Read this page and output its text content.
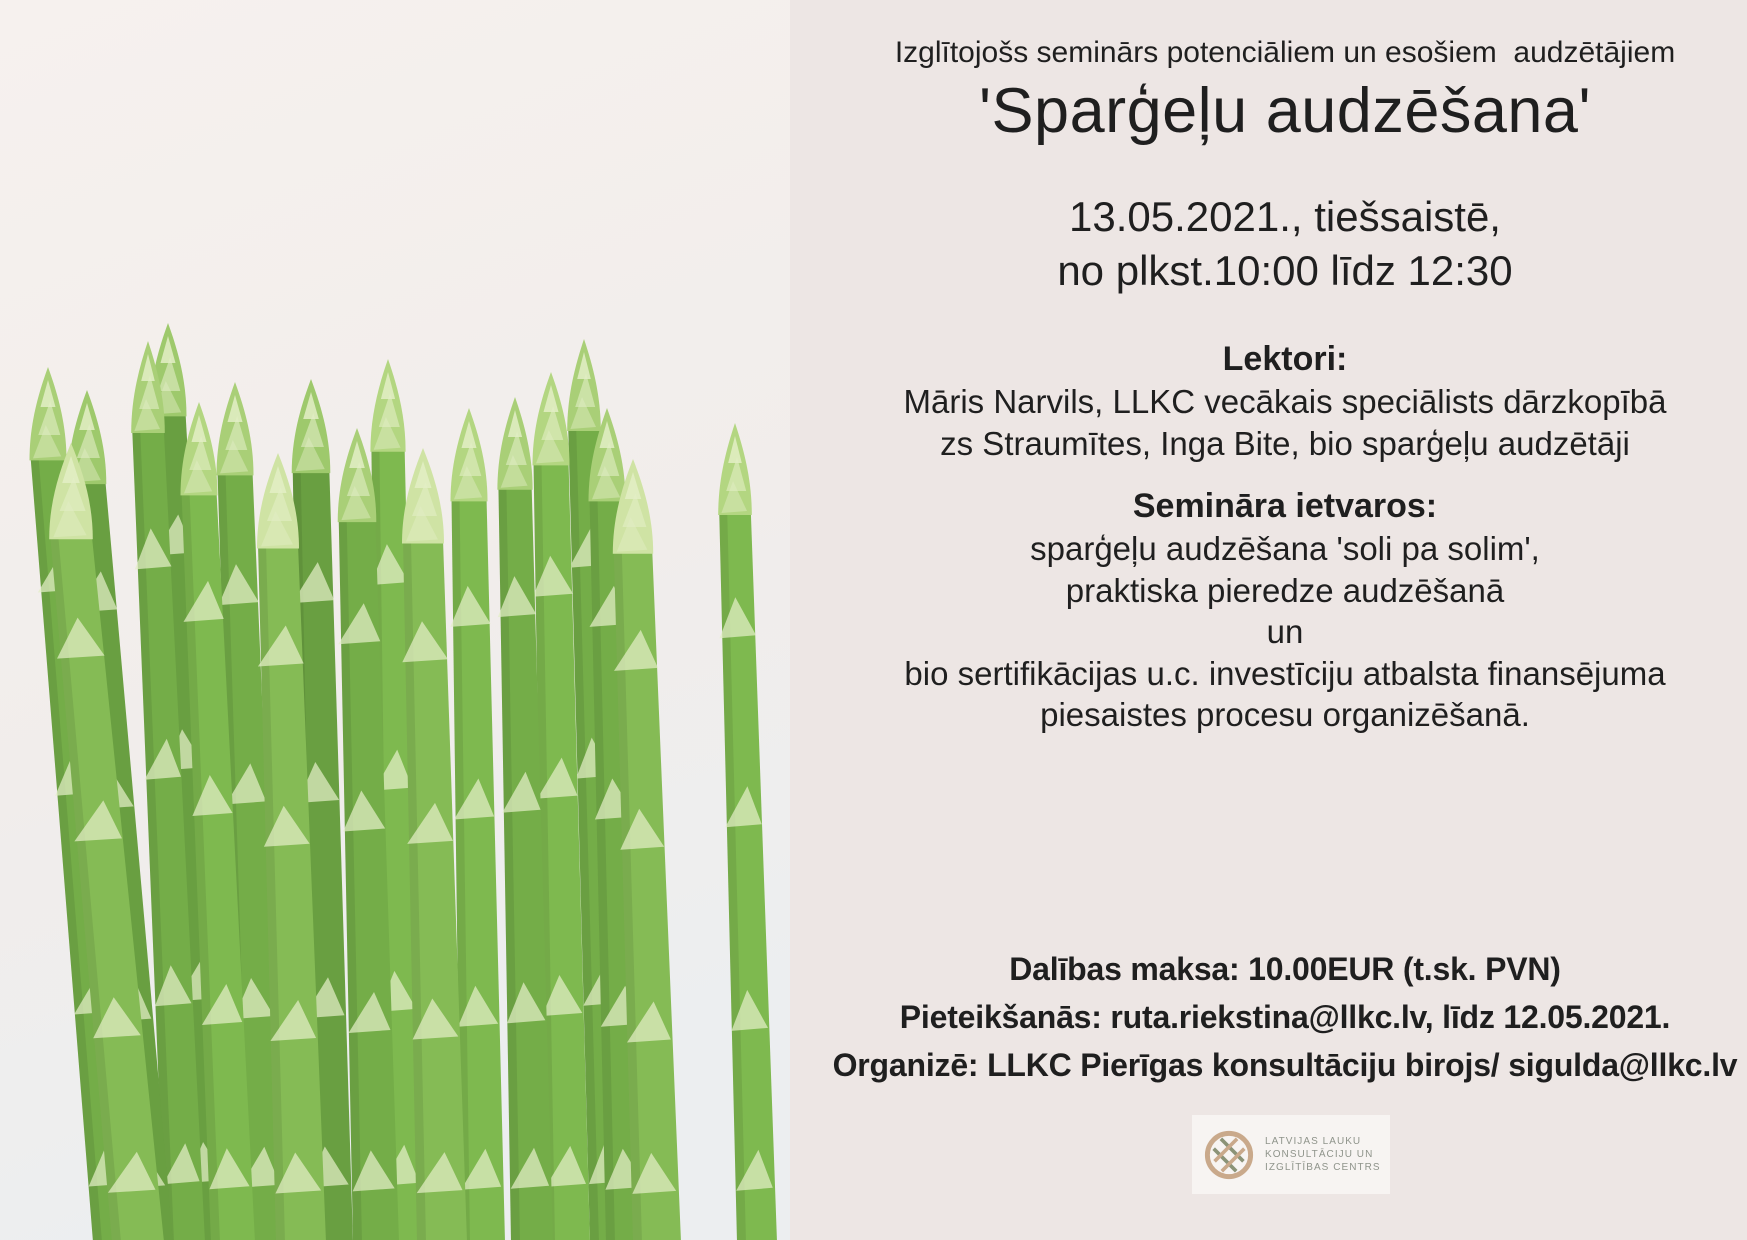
Izglītojošs seminārs potenciāliem un esošiem  audzētājiem
'Sparģeļu audzēšana'
13.05.2021., tiešsaistē,
no plkst.10:00 līdz 12:30
Lektori:
Māris Narvils, LLKC vecākais speciālists dārzkopībā
zs Straumītes, Inga Bite, bio sparģeļu audzētāji
Semināra ietvaros:
sparģeļu audzēšana 'soli pa solim',
praktiska pieredze audzēšanā
un
bio sertifikācijas u.c. investīciju atbalsta finansējuma
piesaistes procesu organizēšanā.
Dalības maksa: 10.00EUR (t.sk. PVN)
Pieteikšanās: ruta.riekstina@llkc.lv, līdz 12.05.2021.
Organizē: LLKC Pierīgas konsultāciju birojs/ sigulda@llkc.lv
LATVIJAS LAUKU
KONSULTĀCIJU UN
IZGLĪTĪBAS CENTRS
